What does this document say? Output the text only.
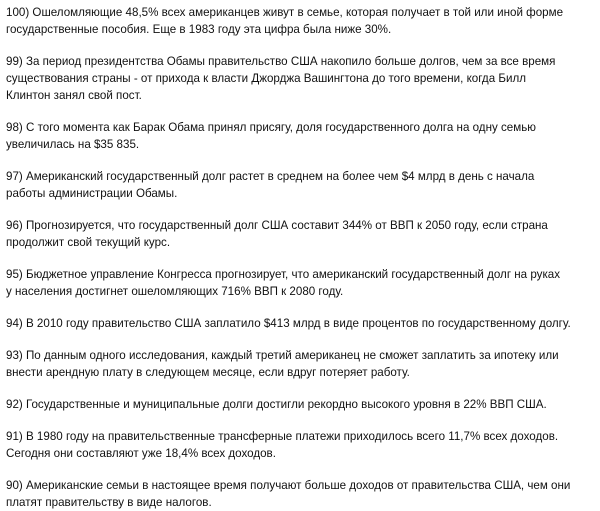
100) Ошеломляющие 48,5% всех американцев живут в семье, которая получает в той или иной форме
государственные пособия. Еще в 1983 году эта цифра была ниже 30%.
99) За период президентства Обамы правительство США накопило больше долгов, чем за все время
существования страны - от прихода к власти Джорджа Вашингтона до того времени, когда Билл
Клинтон занял свой пост.
98) С того момента как Барак Обама принял присягу, доля государственного долга на одну семью
увеличилась на $35 835.
97) Американский государственный долг растет в среднем на более чем $4 млрд в день с начала
работы администрации Обамы.
96) Прогнозируется, что государственный долг США составит 344% от ВВП к 2050 году, если страна
продолжит свой текущий курс.
95) Бюджетное управление Конгресса прогнозирует, что американский государственный долг на руках
у населения достигнет ошеломляющих 716% ВВП к 2080 году.
94) В 2010 году правительство США заплатило $413 млрд в виде процентов по государственному долгу.
93) По данным одного исследования, каждый третий американец не сможет заплатить за ипотеку или
внести арендную плату в следующем месяце, если вдруг потеряет работу.
92) Государственные и муниципальные долги достигли рекордно высокого уровня в 22% ВВП США.
91) В 1980 году на правительственные трансферные платежи приходилось всего 11,7% всех доходов.
Сегодня они составляют уже 18,4% всех доходов.
90) Американские семьи в настоящее время получают больше доходов от правительства США, чем они
платят правительству в виде налогов.
